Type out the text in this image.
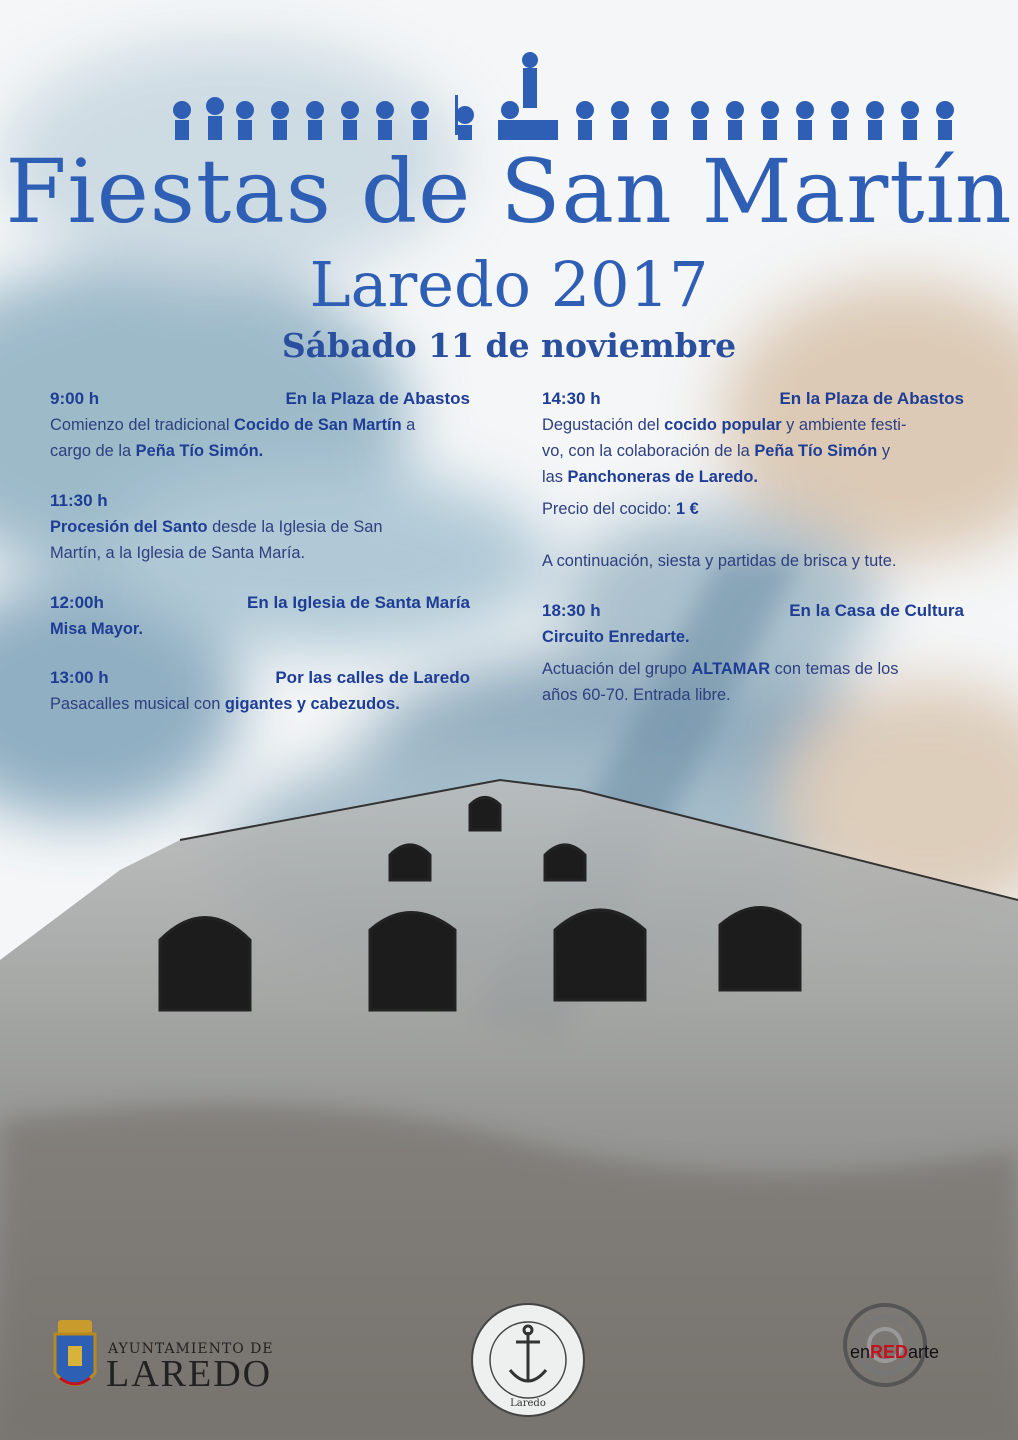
Fiestas de San Martín
Laredo 2017
Sábado 11 de noviembre
9:00 h	En la Plaza de Abastos

Comienzo del tradicional Cocido de San Martín a

cargo de la Peña Tío Simón.

11:30 h

Procesión del Santo desde la Iglesia de San

Martín, a la Iglesia de Santa María.

12:00h	En la Iglesia de Santa María

Misa Mayor.

13:00 h	Por las calles de Laredo

Pasacalles musical con gigantes y cabezudos.

14:30 h	En la Plaza de Abastos

Degustación del cocido popular y ambiente festi-

vo, con la colaboración de la Peña Tío Simón y

las Panchoneras de Laredo.

Precio del cocido: 1 €

A continuación, siesta y partidas de brisca y tute.

18:30 h	En la Casa de Cultura

Circuito Enredarte.

Actuación del grupo ALTAMAR con temas de los

años 60-70. Entrada libre.

AYUNTAMIENTO DE
LAREDO
Laredo
enREDarte
